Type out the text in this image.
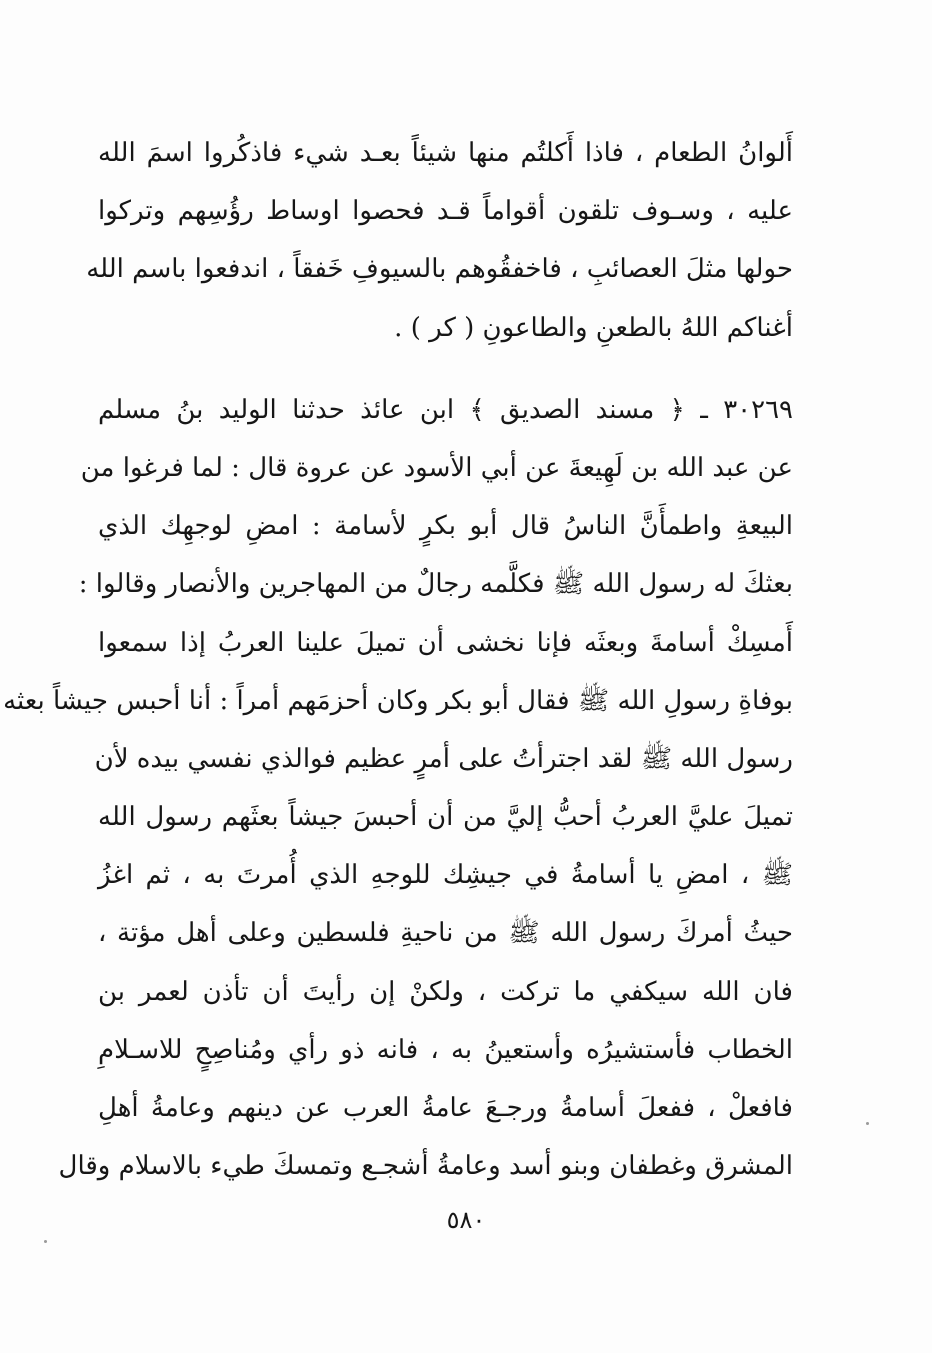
أَلوانُ الطعام ، فاذا أَكلتُم منها شيئاً بعـد شيء فاذكُروا اسمَ الله
عليه ، وسـوف تلقون أقواماً قـد فحصوا اوساط رؤُسِهم وتركوا
حولها مثلَ العصائبِ ، فاخفقُوهم بالسيوفِ خَفقاً ، اندفعوا باسم الله
أغناكم اللهُ بالطعنِ والطاعونِ ( كر ) .
٣٠٢٦٩ ـ ﴿ مسند الصديق ﴾ ابن عائذ حدثنا الوليد بنُ مسلم
عن عبد الله بن لَهِيعةَ عن أبي الأسود عن عروة قال : لما فرغوا من
البيعةِ واطمأَنَّ الناسُ قال أبو بكرٍ لأسامة : امضِ لوجهِك الذي
بعثكَ له رسول الله ﷺ فكلَّمه رجالٌ من المهاجرين والأنصار وقالوا :
أَمسِكْ أسامةَ وبعثَه فإنا نخشى أن تميلَ علينا العربُ إذا سمعوا
بوفاةِ رسولِ الله ﷺ فقال أبو بكر وكان أحزمَهم أمراً : أنا أحبس جيشاً بعثه
رسول الله ﷺ لقد اجترأتُ على أمرٍ عظيم فوالذي نفسي بيده لأن
تميلَ عليَّ العربُ أحبُّ إليَّ من أن أحبسَ جيشاً بعثَهم رسول الله
ﷺ ، امضِ يا أسامةُ في جيشِك للوجهِ الذي أُمرتَ به ، ثم اغزُ
حيثُ أمركَ رسول الله ﷺ من ناحيةِ فلسطين وعلى أهل مؤتة ،
فان الله سيكفي ما تركت ، ولكنْ إن رأيتَ أن تأذن لعمر بن
الخطاب فأستشيرُه وأستعينُ به ، فانه ذو رأي ومُناصِحٍ للاسـلامِ
فافعلْ ، ففعلَ أسامةُ ورجـعَ عامةُ العرب عن دينهم وعامةُ أهلِ
المشرق وغطفان وبنو أسد وعامةُ أشجـع وتمسكَ طيء بالاسلام وقال
٥٨٠
